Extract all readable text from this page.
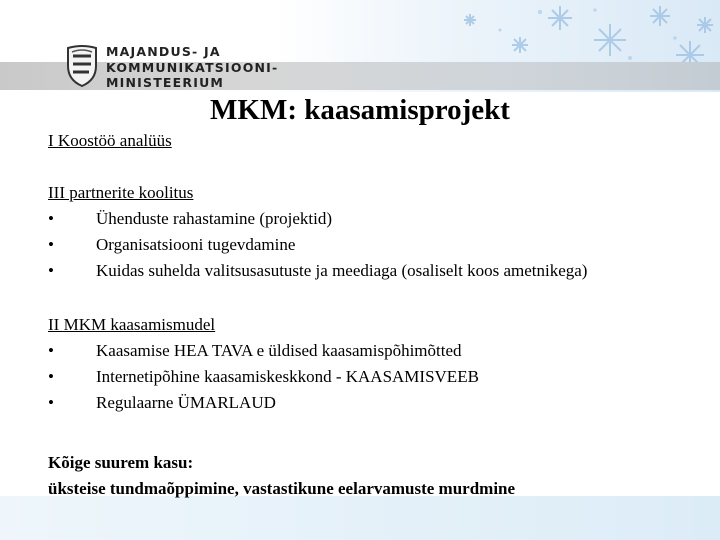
MAJANDUS- JA
KOMMUNIKATSIOONI-
MINISTEERIUM
MKM: kaasamisprojekt
I Koostöö analüüs
III partnerite koolitus
•	Ühenduste rahastamine (projektid)
•	Organisatsiooni tugevdamine
•	Kuidas suhelda valitsusasutuste ja meediaga (osaliselt koos ametnikega)
II MKM kaasamismudel
•	Kaasamise HEA TAVA e üldised kaasamispõhimõtted
•	Internetipõhine kaasamiskeskkond - KAASAMISVEEB
•	Regulaarne ÜMARLAUD
Kõige suurem kasu:
üksteise tundmaõppimine, vastastikune eelarvamuste murdmine
